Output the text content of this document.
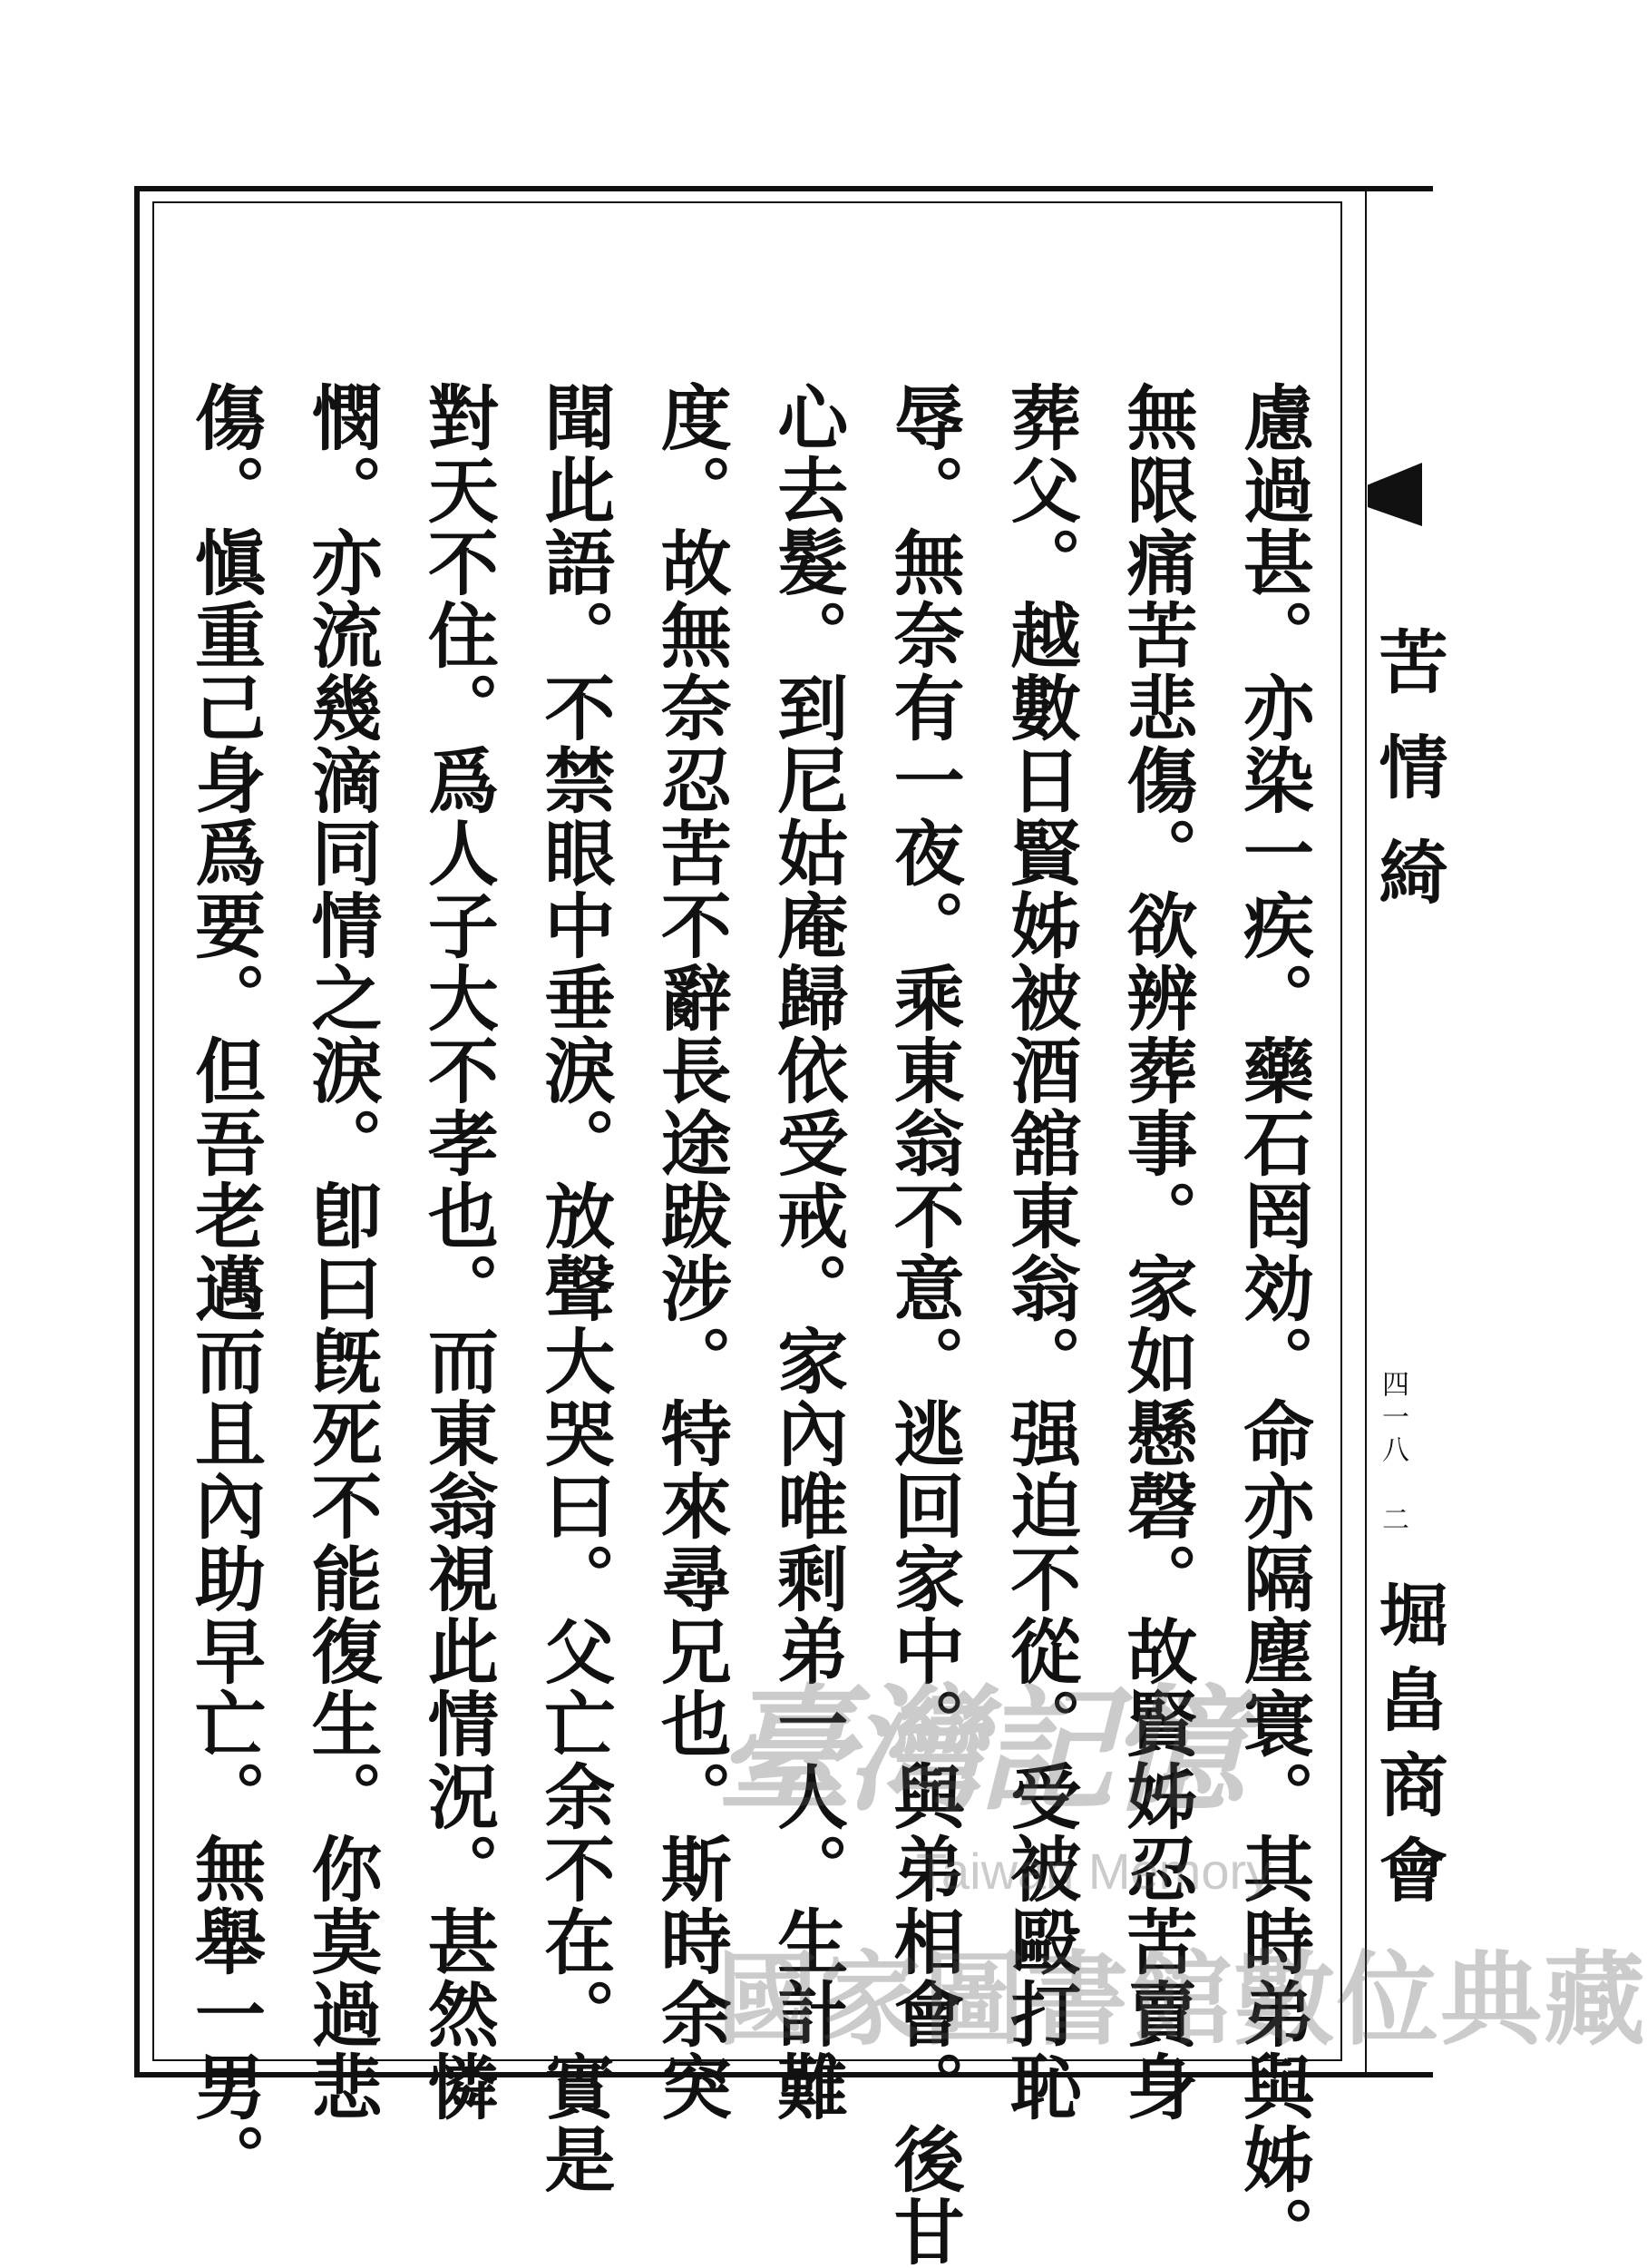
慮過甚。亦染一疾。藥石罔効。命亦隔塵寰。其時弟與姊。
無限痛苦悲傷。欲辨葬事。家如懸磬。故賢姊忍苦賣身
葬父。越數日賢姊被酒舘東翁。强迫不從。受被毆打恥
辱。無奈有一夜。乘東翁不意。逃回家中。與弟相會。後甘
心去髮。到尼姑庵歸依受戒。家內唯剩弟一人。生計難
度。故無奈忍苦不辭長途跋涉。特來尋兄也。斯時余突
聞此語。不禁眼中垂淚。放聲大哭曰。父亡余不在。實是
對天不住。爲人子大不孝也。而東翁視此情況。甚然憐
憫。亦流幾滴同情之淚。卽曰旣死不能復生。你莫過悲
傷。愼重己身爲要。但吾老邁而且內助早亡。無舉一男。	苦情綺
四一八 二
堀畠商會
臺灣記憶
Taiwan Memory
國家圖書館數位典藏
